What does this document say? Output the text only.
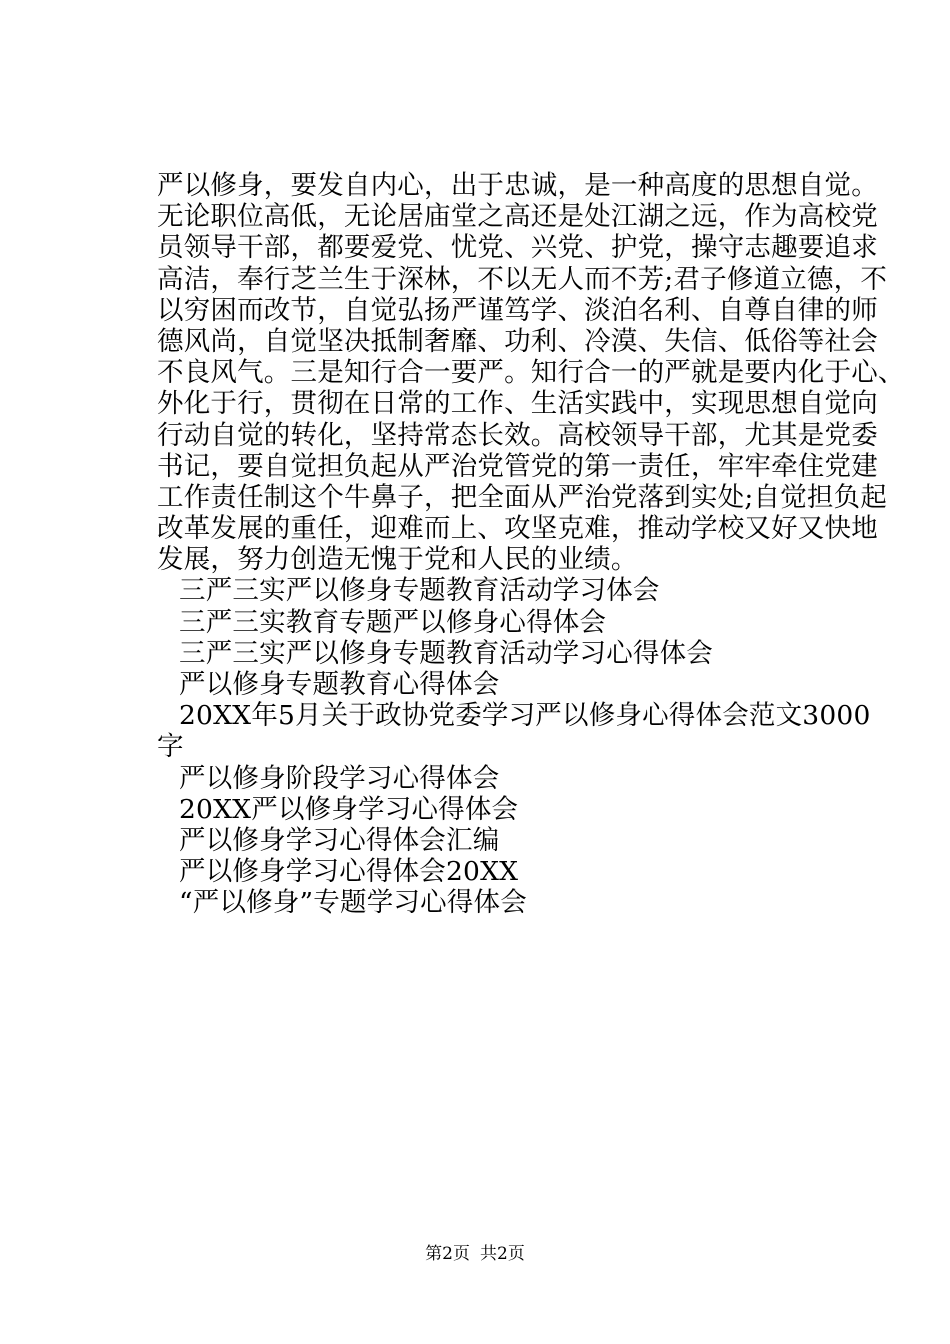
严以修身，要发自内心，出于忠诚，是一种高度的思想自觉。
无论职位高低，无论居庙堂之高还是处江湖之远，作为高校党
员领导干部，都要爱党、忧党、兴党、护党，操守志趣要追求
高洁，奉行芝兰生于深林，不以无人而不芳;君子修道立德，不
以穷困而改节，自觉弘扬严谨笃学、淡泊名利、自尊自律的师
德风尚，自觉坚决抵制奢靡、功利、冷漠、失信、低俗等社会
不良风气。三是知行合一要严。知行合一的严就是要内化于心、
外化于行，贯彻在日常的工作、生活实践中，实现思想自觉向
行动自觉的转化，坚持常态长效。高校领导干部，尤其是党委
书记，要自觉担负起从严治党管党的第一责任，牢牢牵住党建
工作责任制这个牛鼻子，把全面从严治党落到实处;自觉担负起
改革发展的重任，迎难而上、攻坚克难，推动学校又好又快地
发展，努力创造无愧于党和人民的业绩。
三严三实严以修身专题教育活动学习体会
三严三实教育专题严以修身心得体会
三严三实严以修身专题教育活动学习心得体会
严以修身专题教育心得体会
20XX年5月关于政协党委学习严以修身心得体会范文3000
字
严以修身阶段学习心得体会
20XX严以修身学习心得体会
严以修身学习心得体会汇编
严以修身学习心得体会20XX
“严以修身”专题学习心得体会
第2页 共2页
